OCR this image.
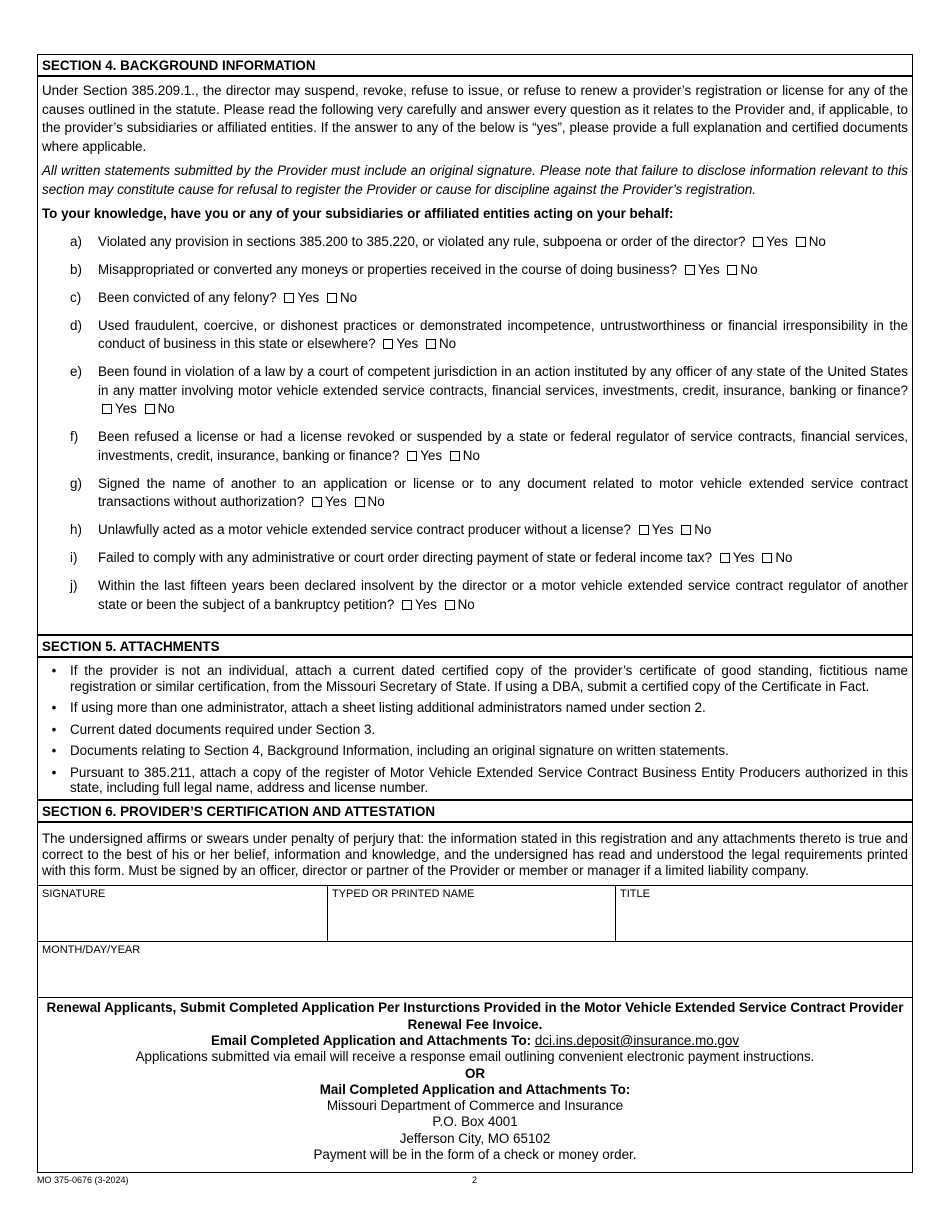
SECTION 4. BACKGROUND INFORMATION

Under Section 385.209.1., the director may suspend, revoke, refuse to issue, or refuse to renew a provider’s registration or license for any of the causes outlined in the statute. Please read the following very carefully and answer every question as it relates to the Provider and, if applicable, to the provider’s subsidiaries or affiliated entities. If the answer to any of the below is “yes”, please provide a full explanation and certified documents where applicable.

All written statements submitted by the Provider must include an original signature. Please note that failure to disclose information relevant to this section may constitute cause for refusal to register the Provider or cause for discipline against the Provider’s registration.

To your knowledge, have you or any of your subsidiaries or affiliated entities acting on your behalf:

a)	Violated any provision in sections 385.200 to 385.220, or violated any rule, subpoena or order of the director? Yes No
b)	Misappropriated or converted any moneys or properties received in the course of doing business? Yes No
c)	Been convicted of any felony? Yes No
d)	Used fraudulent, coercive, or dishonest practices or demonstrated incompetence, untrustworthiness or financial irresponsibility in the conduct of business in this state or elsewhere? Yes No
e)	Been found in violation of a law by a court of competent jurisdiction in an action instituted by any officer of any state of the United States in any matter involving motor vehicle extended service contracts, financial services, investments, credit, insurance, banking or finance? Yes No
f)	Been refused a license or had a license revoked or suspended by a state or federal regulator of service contracts, financial services, investments, credit, insurance, banking or finance? Yes No
g)	Signed the name of another to an application or license or to any document related to motor vehicle extended service contract transactions without authorization? Yes No
h)	Unlawfully acted as a motor vehicle extended service contract producer without a license? Yes No
i)	Failed to comply with any administrative or court order directing payment of state or federal income tax? Yes No
j)	Within the last fifteen years been declared insolvent by the director or a motor vehicle extended service contract regulator of another state or been the subject of a bankruptcy petition? Yes No
SECTION 5. ATTACHMENTS
•	If the provider is not an individual, attach a current dated certified copy of the provider’s certificate of good standing, fictitious name registration or similar certification, from the Missouri Secretary of State. If using a DBA, submit a certified copy of the Certificate in Fact.
•	If using more than one administrator, attach a sheet listing additional administrators named under section 2.
•	Current dated documents required under Section 3.
•	Documents relating to Section 4, Background Information, including an original signature on written statements.
•	Pursuant to 385.211, attach a copy of the register of Motor Vehicle Extended Service Contract Business Entity Producers authorized in this state, including full legal name, address and license number.
SECTION 6. PROVIDER’S CERTIFICATION AND ATTESTATION

The undersigned affirms or swears under penalty of perjury that: the information stated in this registration and any attachments thereto is true and correct to the best of his or her belief, information and knowledge, and the undersigned has read and understood the legal requirements printed with this form. Must be signed by an officer, director or partner of the Provider or member or manager if a limited liability company.

SIGNATURE	TYPED OR PRINTED NAME	TITLE
MONTH/DAY/YEAR
Renewal Applicants, Submit Completed Application Per Insturctions Provided in the Motor Vehicle Extended Service Contract Provider Renewal Fee Invoice.
Email Completed Application and Attachments To: dci.ins.deposit@insurance.mo.gov
Applications submitted via email will receive a response email outlining convenient electronic payment instructions.
OR
Mail Completed Application and Attachments To:
Missouri Department of Commerce and Insurance
P.O. Box 4001
Jefferson City, MO 65102
Payment will be in the form of a check or money order.
MO 375-0676 (3-2024)	2
